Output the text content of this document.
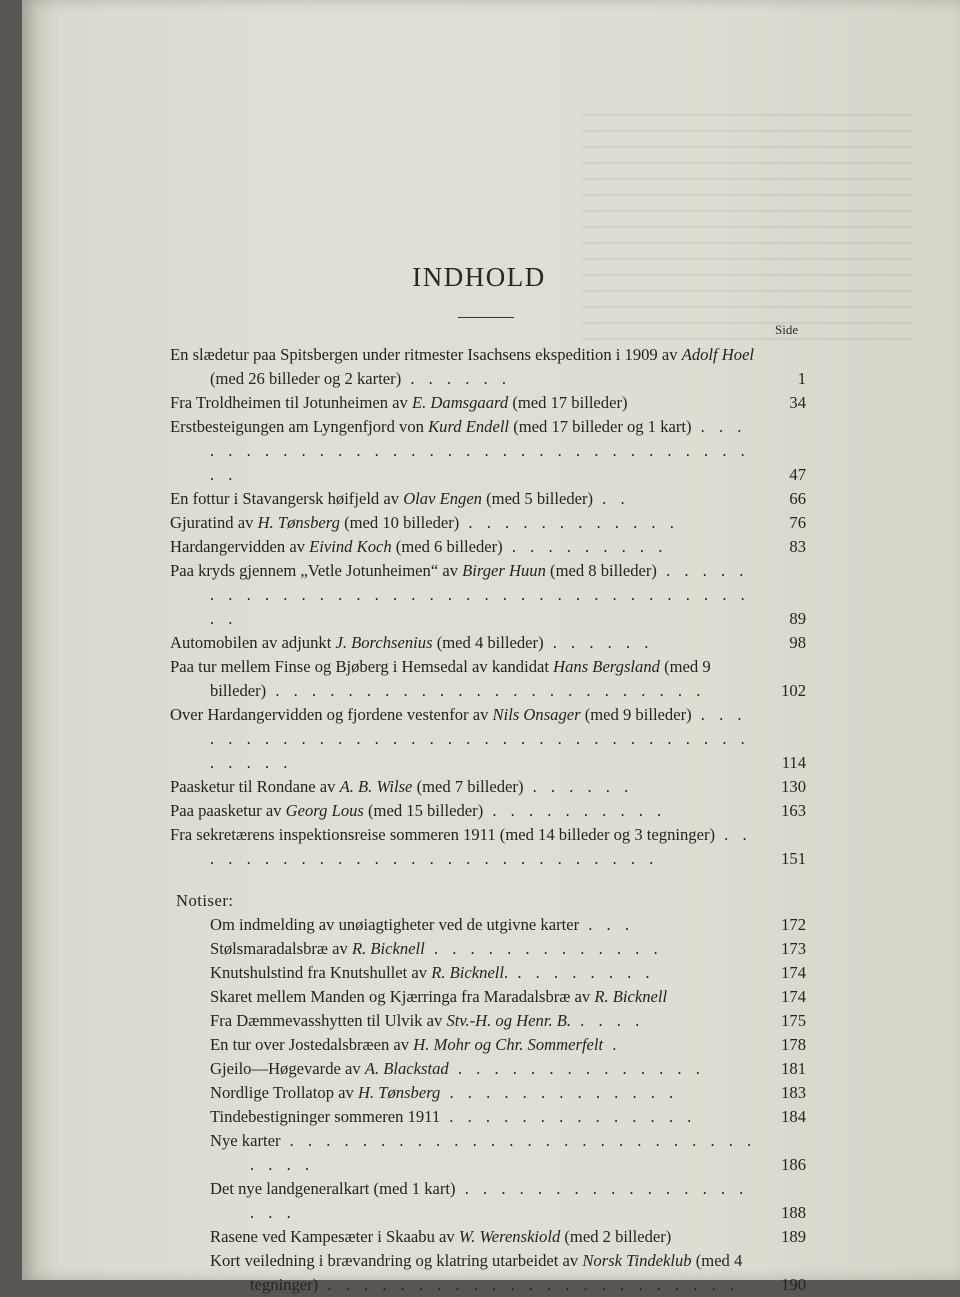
INDHOLD
Side
En slædetur paa Spitsbergen under ritmester Isachsens ekspedition i 1909 av Adolf Hoel (med 26 billeder og 2 karter) . . . . . .	1
Fra Troldheimen til Jotunheimen av E. Damsgaard (med 17 billeder)	34
Erstbesteigungen am Lyngenfjord von Kurd Endell (med 17 billeder og 1 kart) . . . . . . . . . . . . . . . . . . . . . . . . . . . . . . . . . . .	47
En fottur i Stavangersk høifjeld av Olav Engen (med 5 billeder) . .	66
Gjuratind av H. Tønsberg (med 10 billeder) . . . . . . . . . . . .	76
Hardangervidden av Eivind Koch (med 6 billeder) . . . . . . . . .	83
Paa kryds gjennem „Vetle Jotunheimen“ av Birger Huun (med 8 billeder) . . . . . . . . . . . . . . . . . . . . . . . . . . . . . . . . . . . . .	89
Automobilen av adjunkt J. Borchsenius (med 4 billeder) . . . . . .	98
Paa tur mellem Finse og Bjøberg i Hemsedal av kandidat Hans Bergsland (med 9 billeder) . . . . . . . . . . . . . . . . . . . . . . . .	102
Over Hardangervidden og fjordene vestenfor av Nils Onsager (med 9 billeder) . . . . . . . . . . . . . . . . . . . . . . . . . . . . . . . . . . . . . .	114
Paasketur til Rondane av A. B. Wilse (med 7 billeder) . . . . . .	130
Paa paasketur av Georg Lous (med 15 billeder) . . . . . . . . . .	163
Fra sekretærens inspektionsreise sommeren 1911 (med 14 billeder og 3 tegninger) . . . . . . . . . . . . . . . . . . . . . . . . . . .	151
Notiser:
Om indmelding av unøiagtigheter ved de utgivne karter . . .	172
Stølsmaradalsbræ av R. Bicknell . . . . . . . . . . . . .	173
Knutshulstind fra Knutshullet av R. Bicknell. . . . . . . . .	174
Skaret mellem Manden og Kjærringa fra Maradalsbræ av R. Bicknell	174
Fra Dæmmevasshytten til Ulvik av Stv.-H. og Henr. B. . . . .	175
En tur over Jostedalsbræen av H. Mohr og Chr. Sommerfelt .	178
Gjeilo—Høgevarde av A. Blackstad . . . . . . . . . . . . . .	181
Nordlige Trollatop av H. Tønsberg . . . . . . . . . . . . .	183
Tindebestigninger sommeren 1911 . . . . . . . . . . . . . .	184
Nye karter . . . . . . . . . . . . . . . . . . . . . . . . . . . . . .	186
Det nye landgeneralkart (med 1 kart) . . . . . . . . . . . . . . . . . . .	188
Rasene ved Kampesæter i Skaabu av W. Werenskiold (med 2 billeder)	189
Kort veiledning i brævandring og klatring utarbeidet av Norsk Tindeklub (med 4 tegninger) . . . . . . . . . . . . . . . . . . . . . . .	190
